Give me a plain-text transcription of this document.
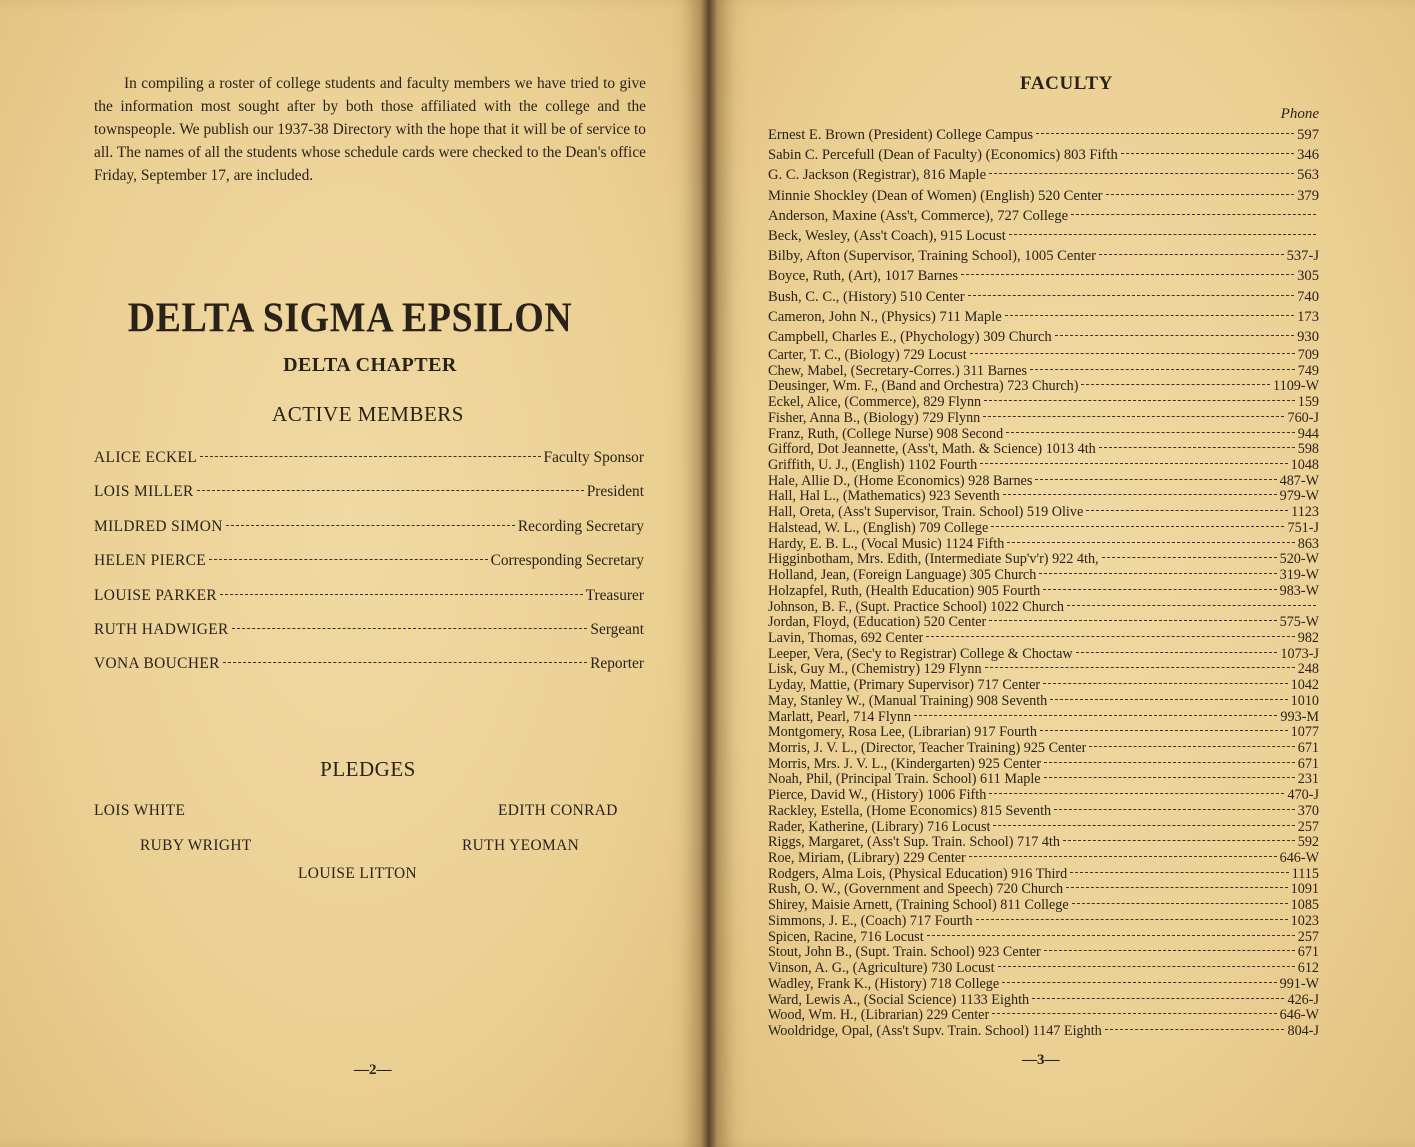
In compiling a roster of college students and faculty members we have tried to give the information most sought after by both those affiliated with the college and the townspeople. We publish our 1937-38 Directory with the hope that it will be of service to all. The names of all the students whose schedule cards were checked to the Dean's office Friday, September 17, are included.

DELTA SIGMA EPSILON
DELTA CHAPTER
ACTIVE MEMBERS
ALICE ECKEL	Faculty Sponsor
LOIS MILLER	President
MILDRED SIMON	Recording Secretary
HELEN PIERCE	Corresponding Secretary
LOUISE PARKER	Treasurer
RUTH HADWIGER	Sergeant
VONA BOUCHER	Reporter
PLEDGES
LOIS WHITE	EDITH CONRAD
RUBY WRIGHT	RUTH YEOMAN
LOUISE LITTON
—2—
FACULTY
Phone
Ernest E. Brown (President) College Campus	597
Sabin C. Percefull (Dean of Faculty) (Economics) 803 Fifth	346
G. C. Jackson (Registrar), 816 Maple	563
Minnie Shockley (Dean of Women) (English) 520 Center	379
Anderson, Maxine (Ass't, Commerce), 727 College
Beck, Wesley, (Ass't Coach), 915 Locust
Bilby, Afton (Supervisor, Training School), 1005 Center	537-J
Boyce, Ruth, (Art), 1017 Barnes	305
Bush, C. C., (History) 510 Center	740
Cameron, John N., (Physics) 711 Maple	173
Campbell, Charles E., (Phychology) 309 Church	930
Carter, T. C., (Biology) 729 Locust	709
Chew, Mabel, (Secretary-Corres.) 311 Barnes	749
Deusinger, Wm. F., (Band and Orchestra) 723 Church)	1109-W
Eckel, Alice, (Commerce), 829 Flynn	159
Fisher, Anna B., (Biology) 729 Flynn	760-J
Franz, Ruth, (College Nurse) 908 Second	944
Gifford, Dot Jeannette, (Ass't, Math. & Science) 1013 4th	598
Griffith, U. J., (English) 1102 Fourth	1048
Hale, Allie D., (Home Economics) 928 Barnes	487-W
Hall, Hal L., (Mathematics) 923 Seventh	979-W
Hall, Oreta, (Ass't Supervisor, Train. School) 519 Olive	1123
Halstead, W. L., (English) 709 College	751-J
Hardy, E. B. L., (Vocal Music) 1124 Fifth	863
Higginbotham, Mrs. Edith, (Intermediate Sup'v'r) 922 4th,	520-W
Holland, Jean, (Foreign Language) 305 Church	319-W
Holzapfel, Ruth, (Health Education) 905 Fourth	983-W
Johnson, B. F., (Supt. Practice School) 1022 Church
Jordan, Floyd, (Education) 520 Center	575-W
Lavin, Thomas, 692 Center	982
Leeper, Vera, (Sec'y to Registrar) College & Choctaw	1073-J
Lisk, Guy M., (Chemistry) 129 Flynn	248
Lyday, Mattie, (Primary Supervisor) 717 Center	1042
May, Stanley W., (Manual Training) 908 Seventh	1010
Marlatt, Pearl, 714 Flynn	993-M
Montgomery, Rosa Lee, (Librarian) 917 Fourth	1077
Morris, J. V. L., (Director, Teacher Training) 925 Center	671
Morris, Mrs. J. V. L., (Kindergarten) 925 Center	671
Noah, Phil, (Principal Train. School) 611 Maple	231
Pierce, David W., (History) 1006 Fifth	470-J
Rackley, Estella, (Home Economics) 815 Seventh	370
Rader, Katherine, (Library) 716 Locust	257
Riggs, Margaret, (Ass't Sup. Train. School) 717 4th	592
Roe, Miriam, (Library) 229 Center	646-W
Rodgers, Alma Lois, (Physical Education) 916 Third	1115
Rush, O. W., (Government and Speech) 720 Church	1091
Shirey, Maisie Arnett, (Training School) 811 College	1085
Simmons, J. E., (Coach) 717 Fourth	1023
Spicen, Racine, 716 Locust	257
Stout, John B., (Supt. Train. School) 923 Center	671
Vinson, A. G., (Agriculture) 730 Locust	612
Wadley, Frank K., (History) 718 College	991-W
Ward, Lewis A., (Social Science) 1133 Eighth	426-J
Wood, Wm. H., (Librarian) 229 Center	646-W
Wooldridge, Opal, (Ass't Supv. Train. School) 1147 Eighth	804-J
—3—
